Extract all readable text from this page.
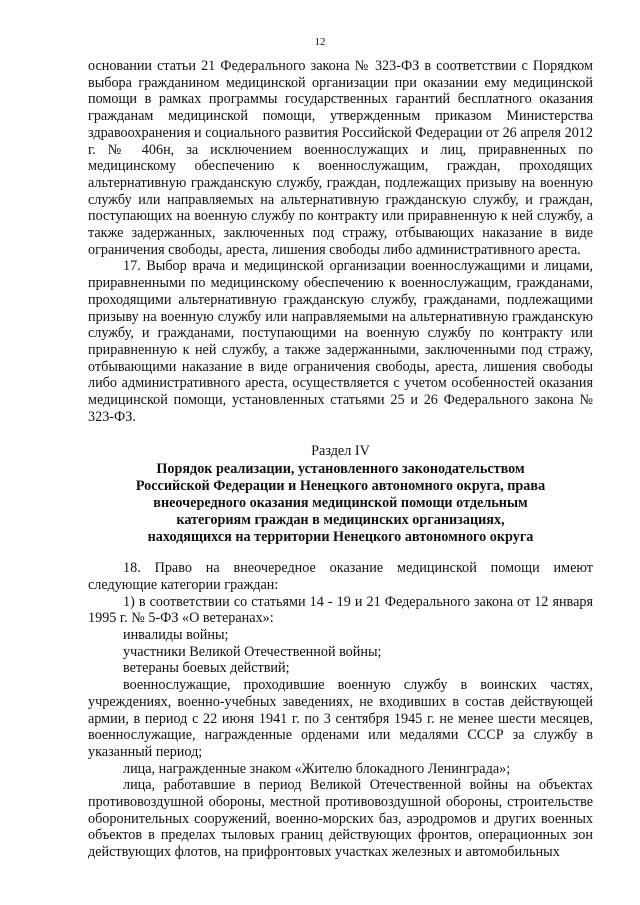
12

основании статьи 21 Федерального закона № 323-ФЗ в соответствии с Порядком выбора гражданином медицинской организации при оказании ему медицинской помощи в рамках программы государственных гарантий бесплатного оказания гражданам медицинской помощи, утвержденным приказом Министерства здравоохранения и социального развития Российской Федерации от 26 апреля 2012 г. № 406н, за исключением военнослужащих и лиц, приравненных по медицинскому обеспечению к военнослужащим, граждан, проходящих альтернативную гражданскую службу, граждан, подлежащих призыву на военную службу или направляемых на альтернативную гражданскую службу, и граждан, поступающих на военную службу по контракту или приравненную к ней службу, а также задержанных, заключенных под стражу, отбывающих наказание в виде ограничения свободы, ареста, лишения свободы либо административного ареста.

17. Выбор врача и медицинской организации военнослужащими и лицами, приравненными по медицинскому обеспечению к военнослужащим, гражданами, проходящими альтернативную гражданскую службу, гражданами, подлежащими призыву на военную службу или направляемыми на альтернативную гражданскую службу, и гражданами, поступающими на военную службу по контракту или приравненную к ней службу, а также задержанными, заключенными под стражу, отбывающими наказание в виде ограничения свободы, ареста, лишения свободы либо административного ареста, осуществляется с учетом особенностей оказания медицинской помощи, установленных статьями 25 и 26 Федерального закона № 323-ФЗ.

Раздел IV
Порядок реализации, установленного законодательством
Российской Федерации и Ненецкого автономного округа, права
внеочередного оказания медицинской помощи отдельным
категориям граждан в медицинских организациях,
находящихся на территории Ненецкого автономного округа

18. Право на внеочередное оказание медицинской помощи имеют следующие категории граждан:

1) в соответствии со статьями 14 - 19 и 21 Федерального закона от 12 января 1995 г. № 5-ФЗ «О ветеранах»:

инвалиды войны;

участники Великой Отечественной войны;

ветераны боевых действий;

военнослужащие, проходившие военную службу в воинских частях, учреждениях, военно-учебных заведениях, не входивших в состав действующей армии, в период с 22 июня 1941 г. по 3 сентября 1945 г. не менее шести месяцев, военнослужащие, награжденные орденами или медалями СССР за службу в указанный период;

лица, награжденные знаком «Жителю блокадного Ленинграда»;

лица, работавшие в период Великой Отечественной войны на объектах противовоздушной обороны, местной противовоздушной обороны, строительстве оборонительных сооружений, военно-морских баз, аэродромов и других военных объектов в пределах тыловых границ действующих фронтов, операционных зон действующих флотов, на прифронтовых участках железных и автомобильных
